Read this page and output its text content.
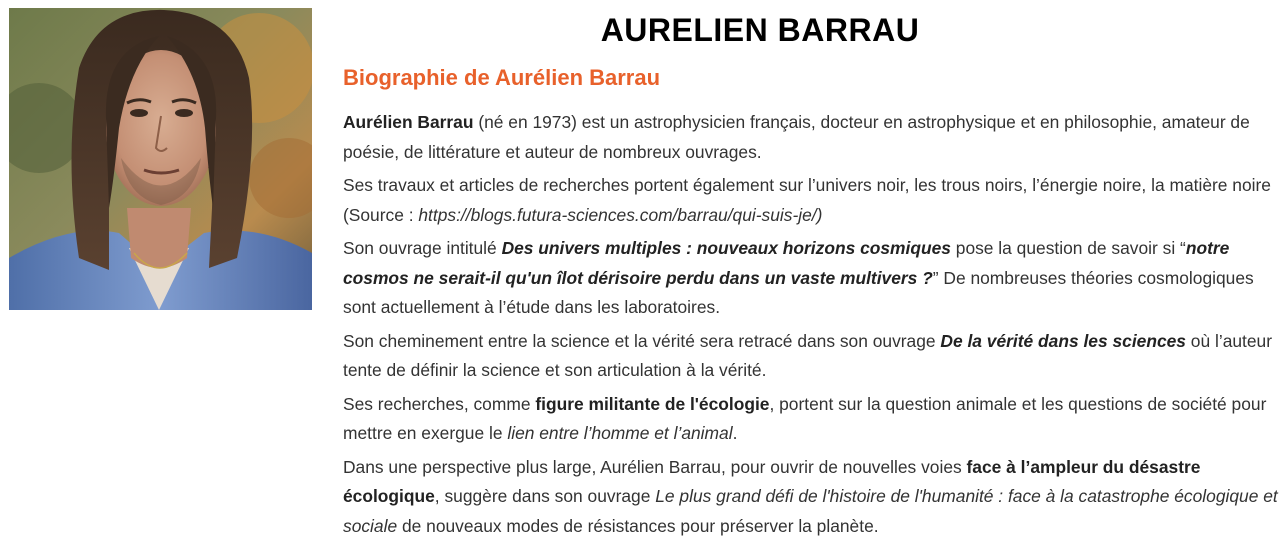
AURELIEN BARRAU
Biographie de Aurélien Barrau

Aurélien Barrau (né en 1973) est un astrophysicien français, docteur en astrophysique et en philosophie, amateur de poésie, de littérature et auteur de nombreux ouvrages.

Ses travaux et articles de recherches portent également sur l’univers noir, les trous noirs, l’énergie noire, la matière noire (Source : https://blogs.futura-sciences.com/barrau/qui-suis-je/)

Son ouvrage intitulé Des univers multiples : nouveaux horizons cosmiques pose la question de savoir si “notre cosmos ne serait-il qu'un îlot dérisoire perdu dans un vaste multivers ?” De nombreuses théories cosmologiques sont actuellement à l’étude dans les laboratoires.

Son cheminement entre la science et la vérité sera retracé dans son ouvrage De la vérité dans les sciences où l’auteur tente de définir la science et son articulation à la vérité.

Ses recherches, comme figure militante de l'écologie, portent sur la question animale et les questions de société pour mettre en exergue le lien entre l’homme et l’animal.

Dans une perspective plus large, Aurélien Barrau, pour ouvrir de nouvelles voies face à l’ampleur du désastre écologique, suggère dans son ouvrage Le plus grand défi de l'histoire de l'humanité : face à la catastrophe écologique et sociale de nouveaux modes de résistances pour préserver la planète.
